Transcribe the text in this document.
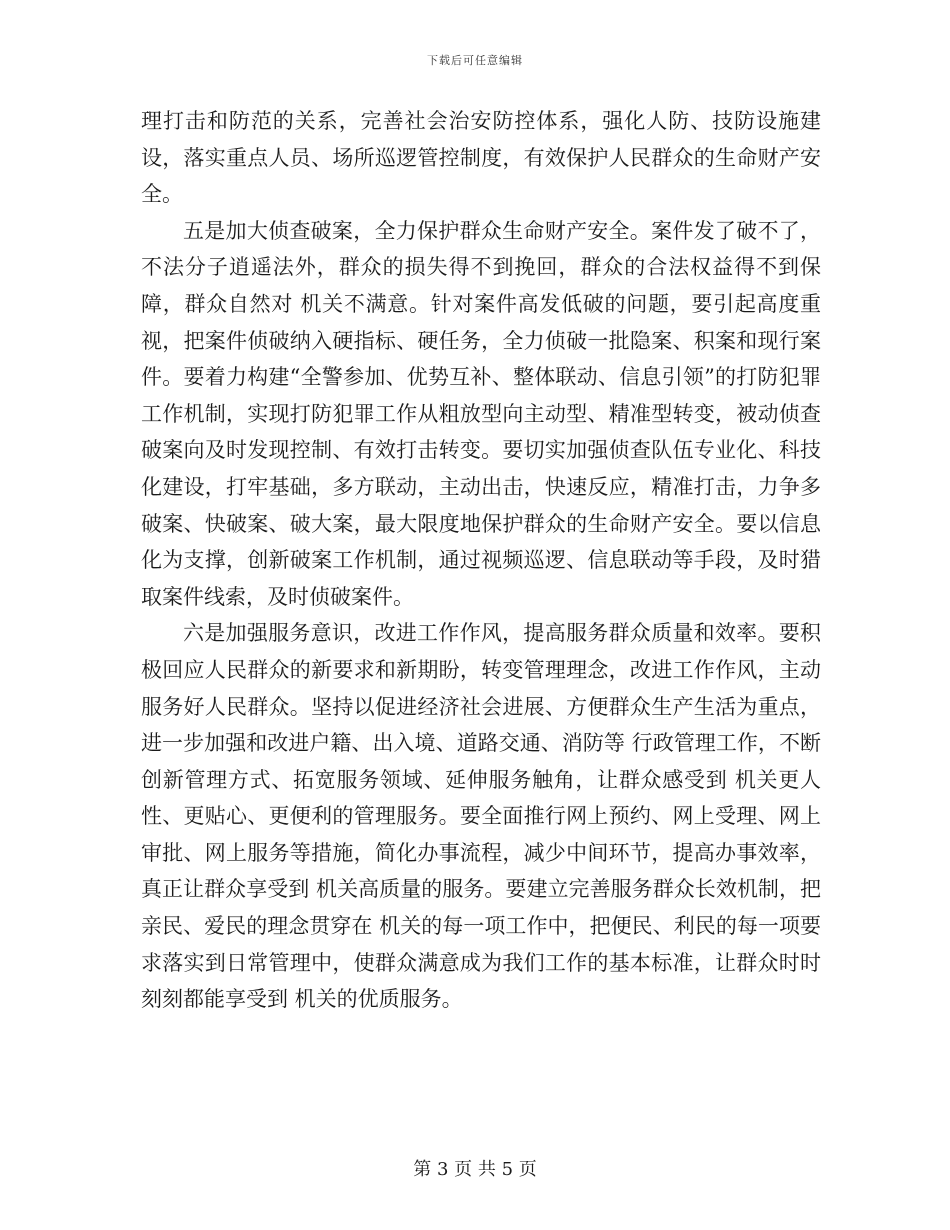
下载后可任意编辑

理打击和防范的关系，完善社会治安防控体系，强化人防、技防设施建设，落实重点人员、场所巡逻管控制度，有效保护人民群众的生命财产安全。

五是加大侦查破案，全力保护群众生命财产安全。案件发了破不了，不法分子逍遥法外，群众的损失得不到挽回，群众的合法权益得不到保障，群众自然对 机关不满意。针对案件高发低破的问题，要引起高度重视，把案件侦破纳入硬指标、硬任务，全力侦破一批隐案、积案和现行案件。要着力构建“全警参加、优势互补、整体联动、信息引领”的打防犯罪工作机制，实现打防犯罪工作从粗放型向主动型、精准型转变，被动侦查破案向及时发现控制、有效打击转变。要切实加强侦查队伍专业化、科技化建设，打牢基础，多方联动，主动出击，快速反应，精准打击，力争多破案、快破案、破大案，最大限度地保护群众的生命财产安全。要以信息化为支撑，创新破案工作机制，通过视频巡逻、信息联动等手段，及时猎取案件线索，及时侦破案件。

六是加强服务意识，改进工作作风，提高服务群众质量和效率。要积极回应人民群众的新要求和新期盼，转变管理理念，改进工作作风，主动服务好人民群众。坚持以促进经济社会进展、方便群众生产生活为重点，进一步加强和改进户籍、出入境、道路交通、消防等 行政管理工作，不断创新管理方式、拓宽服务领域、延伸服务触角，让群众感受到 机关更人性、更贴心、更便利的管理服务。要全面推行网上预约、网上受理、网上审批、网上服务等措施，简化办事流程，减少中间环节，提高办事效率，真正让群众享受到 机关高质量的服务。要建立完善服务群众长效机制，把亲民、爱民的理念贯穿在 机关的每一项工作中，把便民、利民的每一项要求落实到日常管理中，使群众满意成为我们工作的基本标准，让群众时时刻刻都能享受到 机关的优质服务。

第 3 页 共 5 页
